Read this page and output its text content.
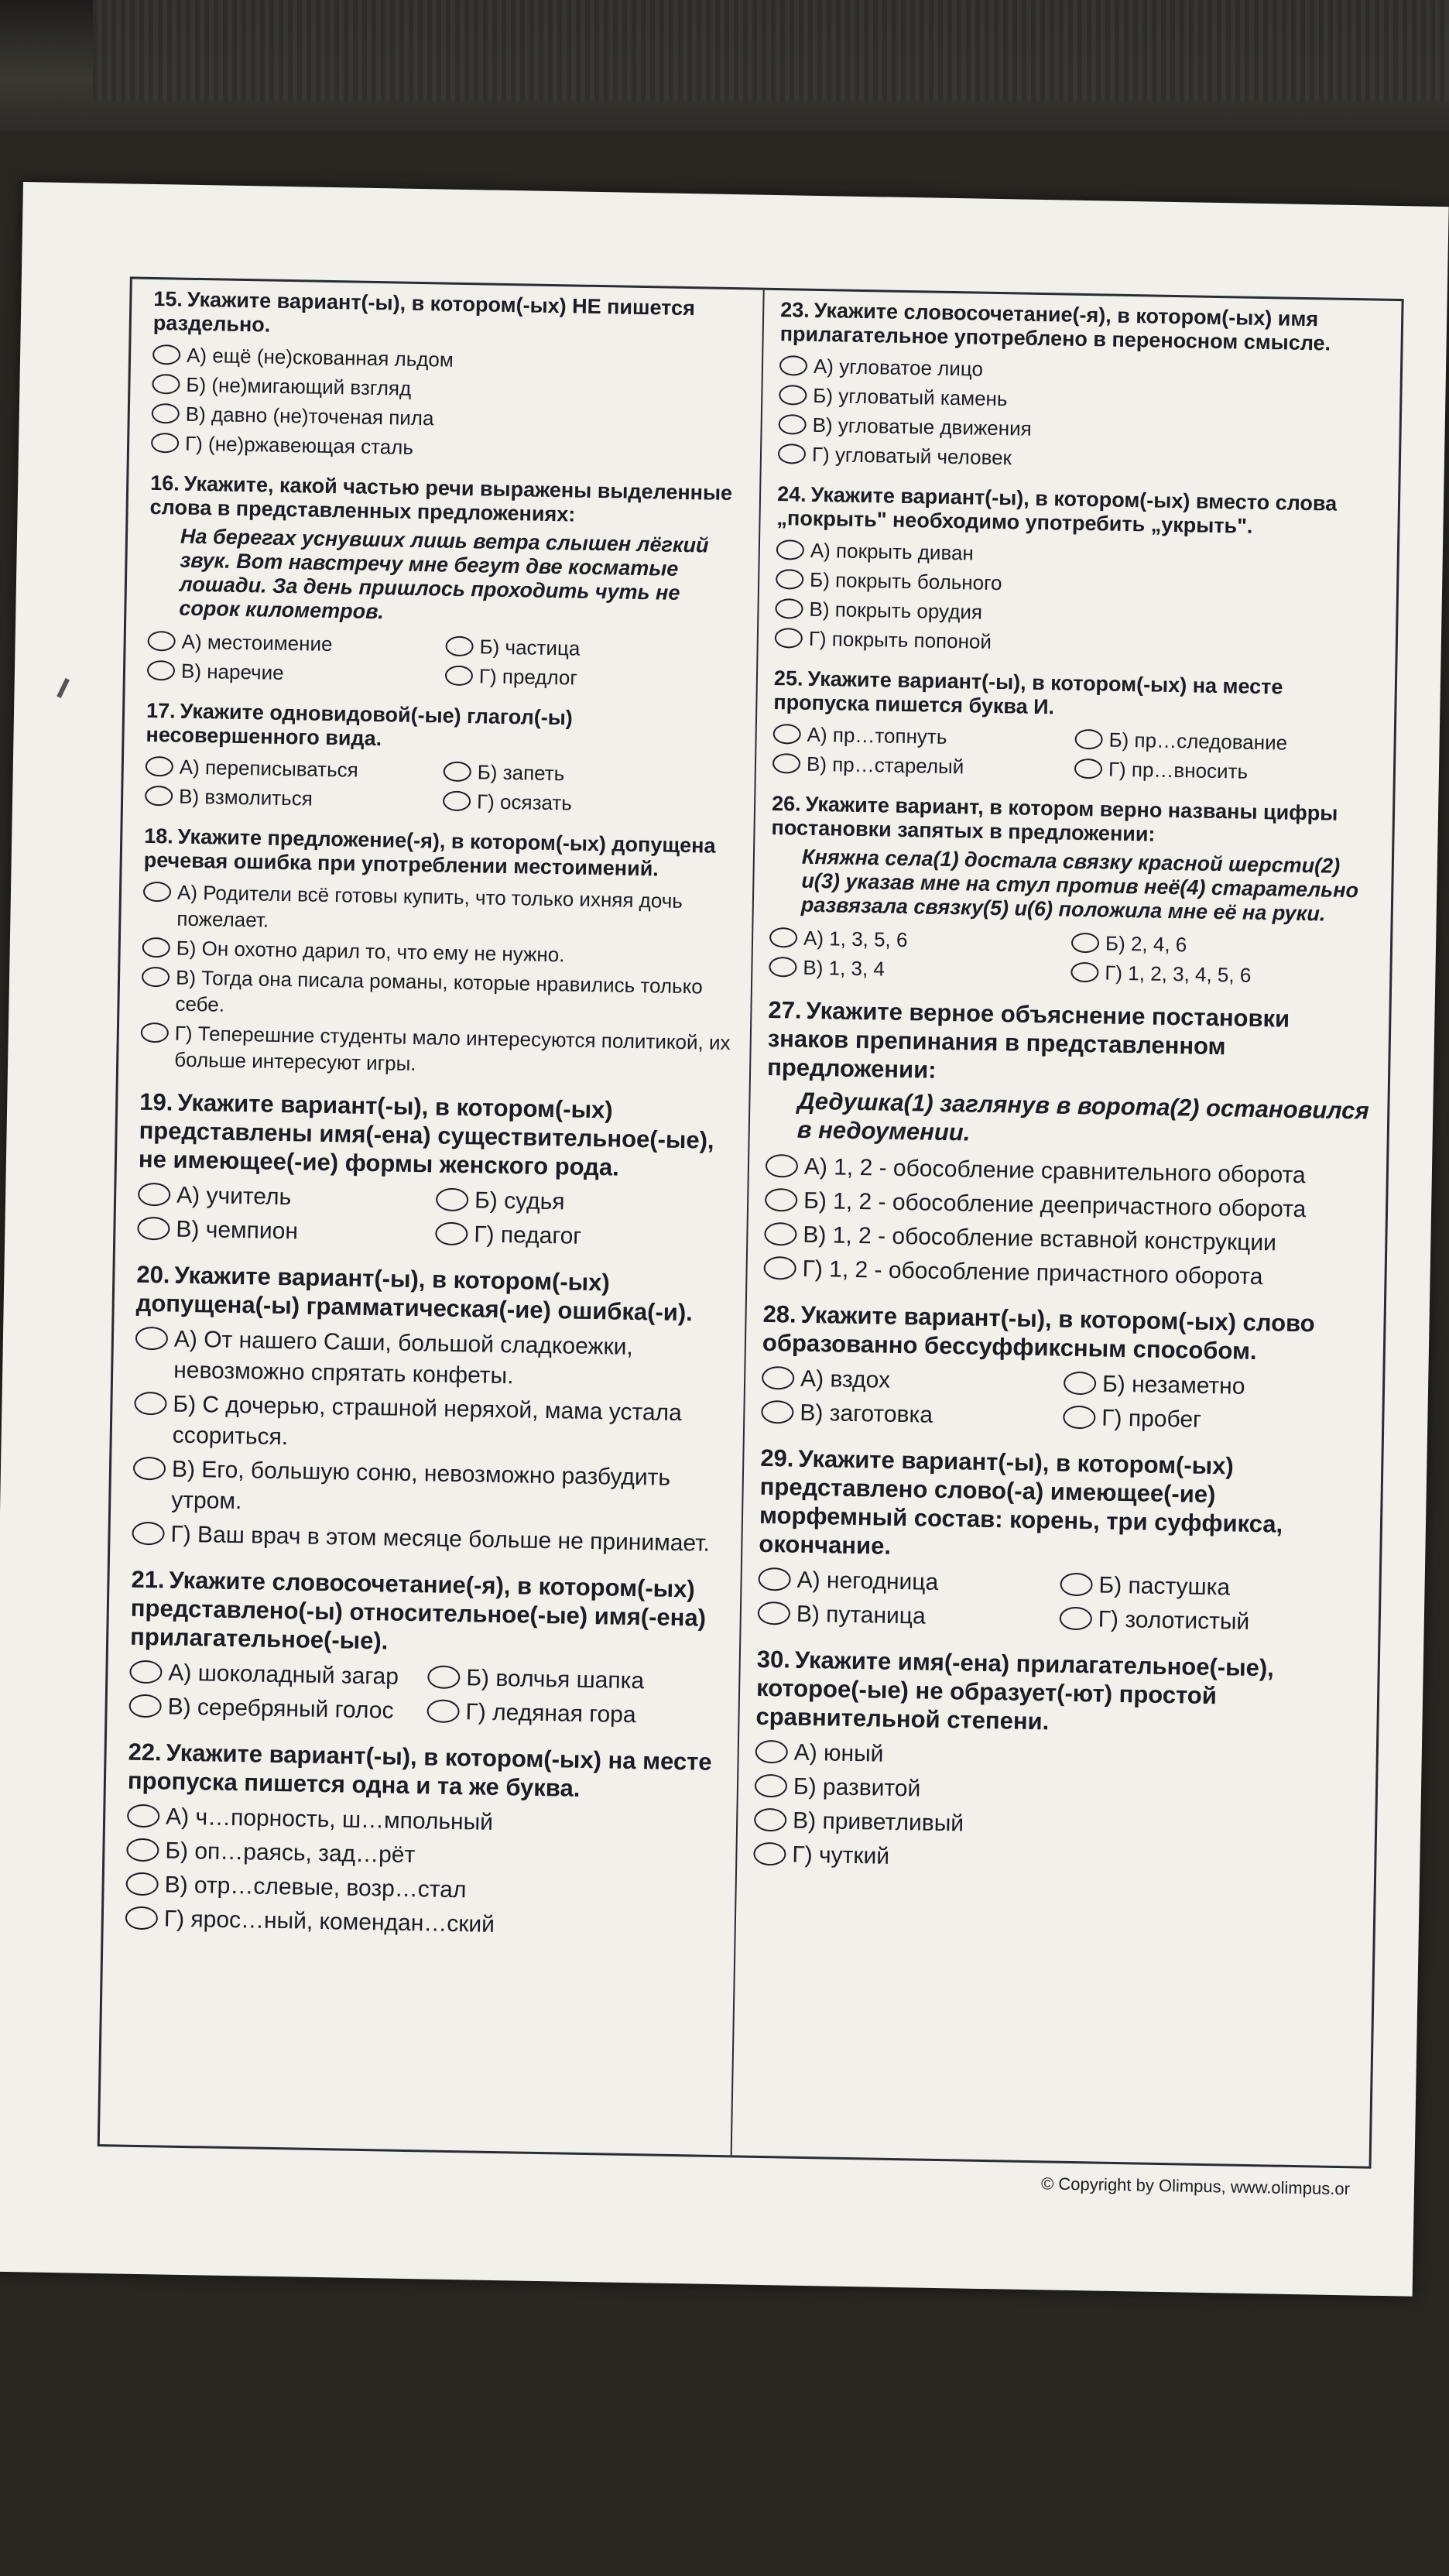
15. Укажите вариант(-ы), в котором(-ых) НЕ пишется раздельно.
А) ещё (не)скованная льдом
Б) (не)мигающий взгляд
В) давно (не)точеная пила
Г) (не)ржавеющая сталь
16. Укажите, какой частью речи выражены выделенные слова в представленных предложениях:
На берегах уснувших лишь ветра слышен лёгкий звук. Вот навстречу мне бегут две косматые лошади. За день пришлось проходить чуть не сорок километров.
А) местоимение	Б) частица
В) наречие	Г) предлог
17. Укажите одновидовой(-ые) глагол(-ы) несовершенного вида.
А) переписываться	Б) запеть
В) взмолиться	Г) осязать
18. Укажите предложение(-я), в котором(-ых) допущена речевая ошибка при употреблении местоимений.
А) Родители всё готовы купить, что только ихняя дочь пожелает.
Б) Он охотно дарил то, что ему не нужно.
В) Тогда она писала романы, которые нравились только себе.
Г) Теперешние студенты мало интересуются политикой, их больше интересуют игры.
19. Укажите вариант(-ы), в котором(-ых) представлены имя(-ена) существительное(-ые), не имеющее(-ие) формы женского рода.
А) учитель	Б) судья
В) чемпион	Г) педагог
20. Укажите вариант(-ы), в котором(-ых) допущена(-ы) грамматическая(-ие) ошибка(-и).
А) От нашего Саши, большой сладкоежки, невозможно спрятать конфеты.
Б) С дочерью, страшной неряхой, мама устала ссориться.
В) Его, большую соню, невозможно разбудить утром.
Г) Ваш врач в этом месяце больше не принимает.
21. Укажите словосочетание(-я), в котором(-ых) представлено(-ы) относительное(-ые) имя(-ена) прилагательное(-ые).
А) шоколадный загар	Б) волчья шапка
В) серебряный голос	Г) ледяная гора
22. Укажите вариант(-ы), в котором(-ых) на месте пропуска пишется одна и та же буква.
А) ч…порность, ш…мпольный
Б) оп…раясь, зад…рёт
В) отр…слевые, возр…стал
Г) ярос…ный, комендан…ский
23. Укажите словосочетание(-я), в котором(-ых) имя прилагательное употреблено в переносном смысле.
А) угловатое лицо
Б) угловатый камень
В) угловатые движения
Г) угловатый человек
24. Укажите вариант(-ы), в котором(-ых) вместо слова „покрыть" необходимо употребить „укрыть".
А) покрыть диван
Б) покрыть больного
В) покрыть орудия
Г) покрыть попоной
25. Укажите вариант(-ы), в котором(-ых) на месте пропуска пишется буква И.
А) пр…топнуть	Б) пр…следование
В) пр…старелый	Г) пр…вносить
26. Укажите вариант, в котором верно названы цифры постановки запятых в предложении:
Княжна села(1) достала связку красной шерсти(2) и(3) указав мне на стул против неё(4) старательно развязала связку(5) и(6) положила мне её на руки.
А) 1, 3, 5, 6	Б) 2, 4, 6
В) 1, 3, 4	Г) 1, 2, 3, 4, 5, 6
27. Укажите верное объяснение постановки знаков препинания в представленном предложении:
Дедушка(1) заглянув в ворота(2) остановился в недоумении.
А) 1, 2 - обособление сравнительного оборота
Б) 1, 2 - обособление деепричастного оборота
В) 1, 2 - обособление вставной конструкции
Г) 1, 2 - обособление причастного оборота
28. Укажите вариант(-ы), в котором(-ых) слово образованно бессуффиксным способом.
А) вздох	Б) незаметно
В) заготовка	Г) пробег
29. Укажите вариант(-ы), в котором(-ых) представлено слово(-а) имеющее(-ие) морфемный состав: корень, три суффикса, окончание.
А) негодница	Б) пастушка
В) путаница	Г) золотистый
30. Укажите имя(-ена) прилагательное(-ые), которое(-ые) не образует(-ют) простой сравнительной степени.
А) юный
Б) развитой
В) приветливый
Г) чуткий
© Copyright by Olimpus, www.olimpus.or
